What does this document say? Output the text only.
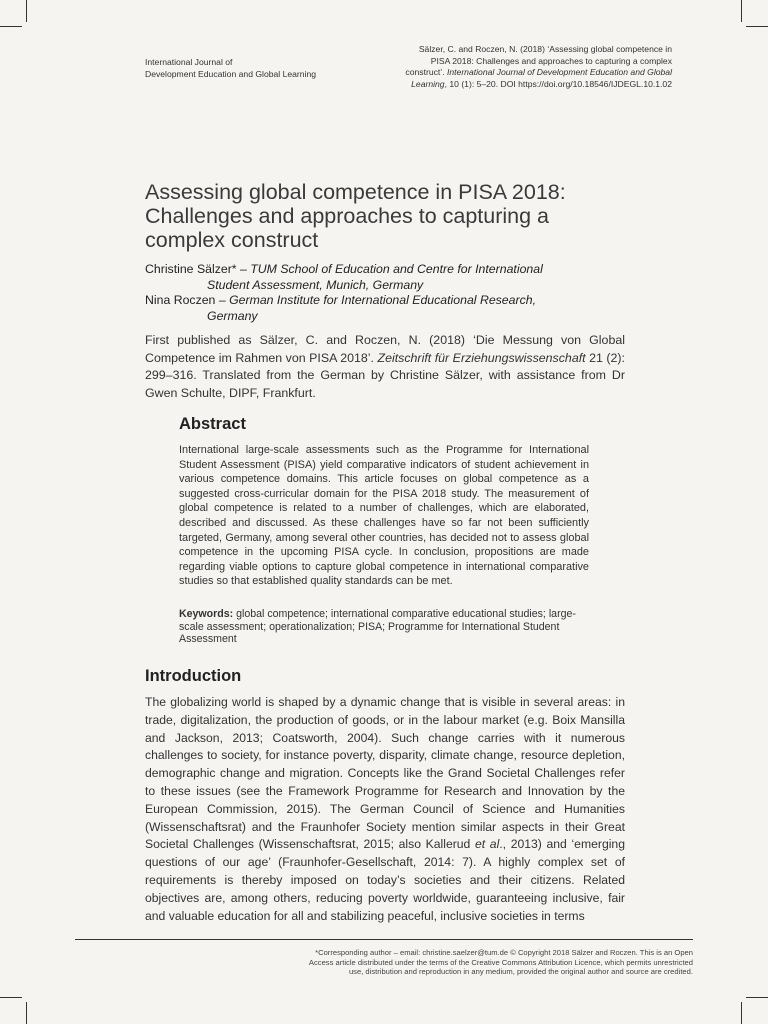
International Journal of
Development Education and Global Learning
Sälzer, C. and Roczen, N. (2018) ‘Assessing global competence in
PISA 2018: Challenges and approaches to capturing a complex
construct’. International Journal of Development Education and Global
Learning, 10 (1): 5–20. DOI https://doi.org/10.18546/IJDEGL.10.1.02
Assessing global competence in PISA 2018: Challenges and approaches to capturing a complex construct

Christine Sälzer* – TUM School of Education and Centre for International
Student Assessment, Munich, Germany

Nina Roczen – German Institute for International Educational Research,
Germany

First published as Sälzer, C. and Roczen, N. (2018) ‘Die Messung von Global Competence im Rahmen von PISA 2018’. Zeitschrift für Erziehungswissenschaft 21 (2): 299–316. Translated from the German by Christine Sälzer, with assistance from Dr Gwen Schulte, DIPF, Frankfurt.

Abstract

International large-scale assessments such as the Programme for International Student Assessment (PISA) yield comparative indicators of student achievement in various competence domains. This article focuses on global competence as a suggested cross-curricular domain for the PISA 2018 study. The measurement of global competence is related to a number of challenges, which are elaborated, described and discussed. As these challenges have so far not been sufficiently targeted, Germany, among several other countries, has decided not to assess global competence in the upcoming PISA cycle. In conclusion, propositions are made regarding viable options to capture global competence in international comparative studies so that established quality standards can be met.

Keywords: global competence; international comparative educational studies; large-scale assessment; operationalization; PISA; Programme for International Student Assessment

Introduction

The globalizing world is shaped by a dynamic change that is visible in several areas: in trade, digitalization, the production of goods, or in the labour market (e.g. Boix Mansilla and Jackson, 2013; Coatsworth, 2004). Such change carries with it numerous challenges to society, for instance poverty, disparity, climate change, resource depletion, demographic change and migration. Concepts like the Grand Societal Challenges refer to these issues (see the Framework Programme for Research and Innovation by the European Commission, 2015). The German Council of Science and Humanities (Wissenschaftsrat) and the Fraunhofer Society mention similar aspects in their Great Societal Challenges (Wissenschaftsrat, 2015; also Kallerud et al., 2013) and ‘emerging questions of our age’ (Fraunhofer-Gesellschaft, 2014: 7). A highly complex set of requirements is thereby imposed on today’s societies and their citizens. Related objectives are, among others, reducing poverty worldwide, guaranteeing inclusive, fair and valuable education for all and stabilizing peaceful, inclusive societies in terms

*Corresponding author – email: christine.saelzer@tum.de © Copyright 2018 Sälzer and Roczen. This is an Open
Access article distributed under the terms of the Creative Commons Attribution Licence, which permits unrestricted
use, distribution and reproduction in any medium, provided the original author and source are credited.
